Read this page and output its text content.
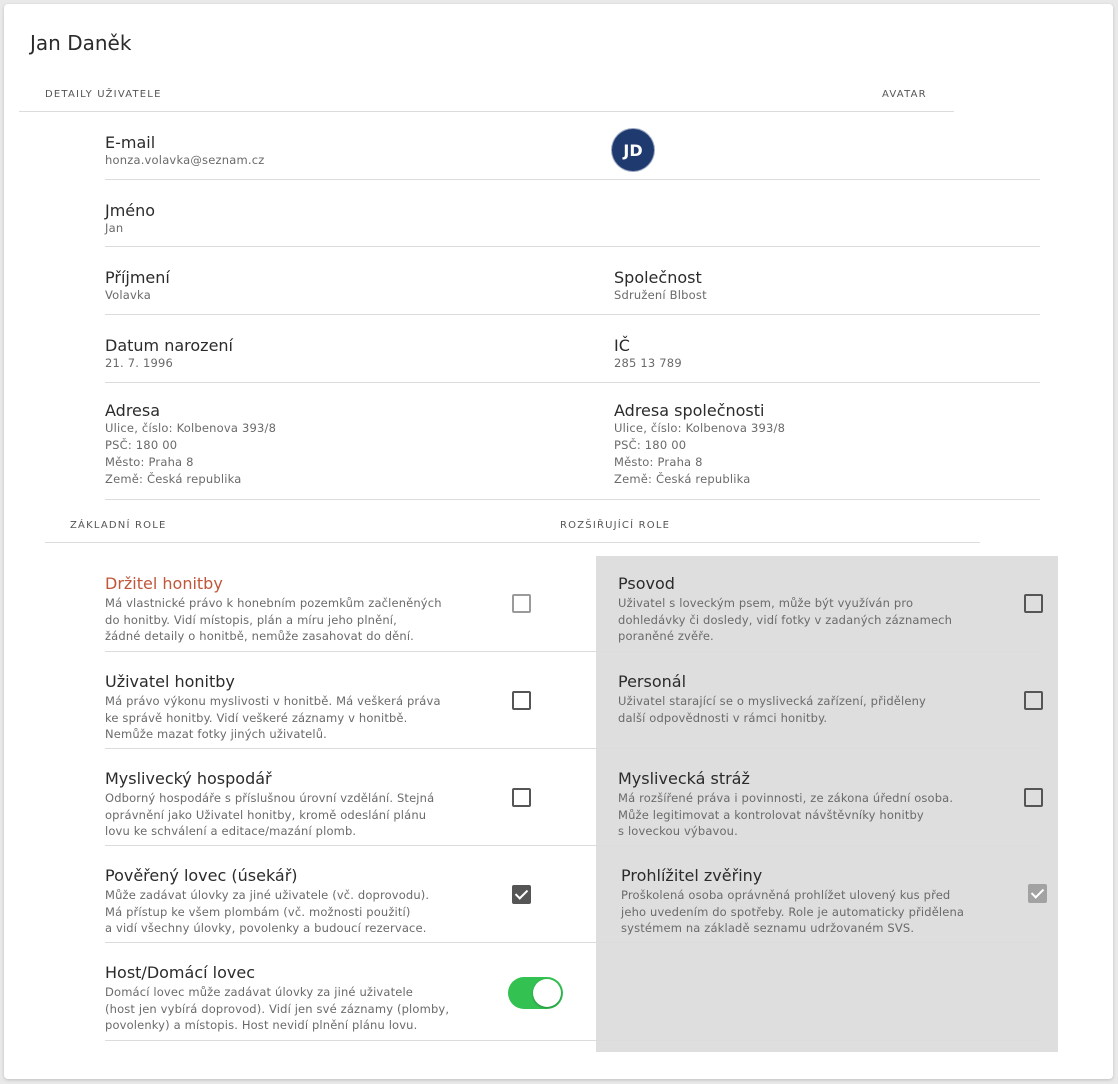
Jan Daněk
DETAILY UŽIVATELE	AVATAR
E-mail
honza.volavka@seznam.cz
JD
Jméno
Jan
Příjmení
Volavka
Společnost
Sdružení Blbost
Datum narození
21. 7. 1996
IČ
285 13 789
Adresa
Ulice, číslo: Kolbenova 393/8
PSČ: 180 00
Město: Praha 8
Země: Česká republika
Adresa společnosti
Ulice, číslo: Kolbenova 393/8
PSČ: 180 00
Město: Praha 8
Země: Česká republika
ZÁKLADNÍ ROLE	ROZŠIŘUJÍCÍ ROLE
Držitel honitby
Má vlastnické právo k honebním pozemkům začleněných
do honitby. Vidí místopis, plán a míru jeho plnění,
žádné detaily o honitbě, nemůže zasahovat do dění.
Uživatel honitby
Má právo výkonu myslivosti v honitbě. Má veškerá práva
ke správě honitby. Vidí veškeré záznamy v honitbě.
Nemůže mazat fotky jiných uživatelů.
Myslivecký hospodář
Odborný hospodáře s příslušnou úrovní vzdělání. Stejná
oprávnění jako Uživatel honitby, kromě odeslání plánu
lovu ke schválení a editace/mazání plomb.
Pověřený lovec (úsekář)
Může zadávat úlovky za jiné uživatele (vč. doprovodu).
Má přístup ke všem plombám (vč. možnosti použití)
a vidí všechny úlovky, povolenky a budoucí rezervace.
Host/Domácí lovec
Domácí lovec může zadávat úlovky za jiné uživatele
(host jen vybírá doprovod). Vidí jen své záznamy (plomby,
povolenky) a místopis. Host nevidí plnění plánu lovu.
Psovod
Uživatel s loveckým psem, může být využíván pro
dohledávky či dosledy, vidí fotky v zadaných záznamech
poraněné zvěře.
Personál
Uživatel starající se o myslivecká zařízení, přiděleny
další odpovědnosti v rámci honitby.
Myslivecká stráž
Má rozšířené práva i povinnosti, ze zákona úřední osoba.
Může legitimovat a kontrolovat návštěvníky honitby
s loveckou výbavou.
Prohlížitel zvěřiny
Proškolená osoba oprávněná prohlížet ulovený kus před
jeho uvedením do spotřeby. Role je automaticky přidělena
systémem na základě seznamu udržovaném SVS.
